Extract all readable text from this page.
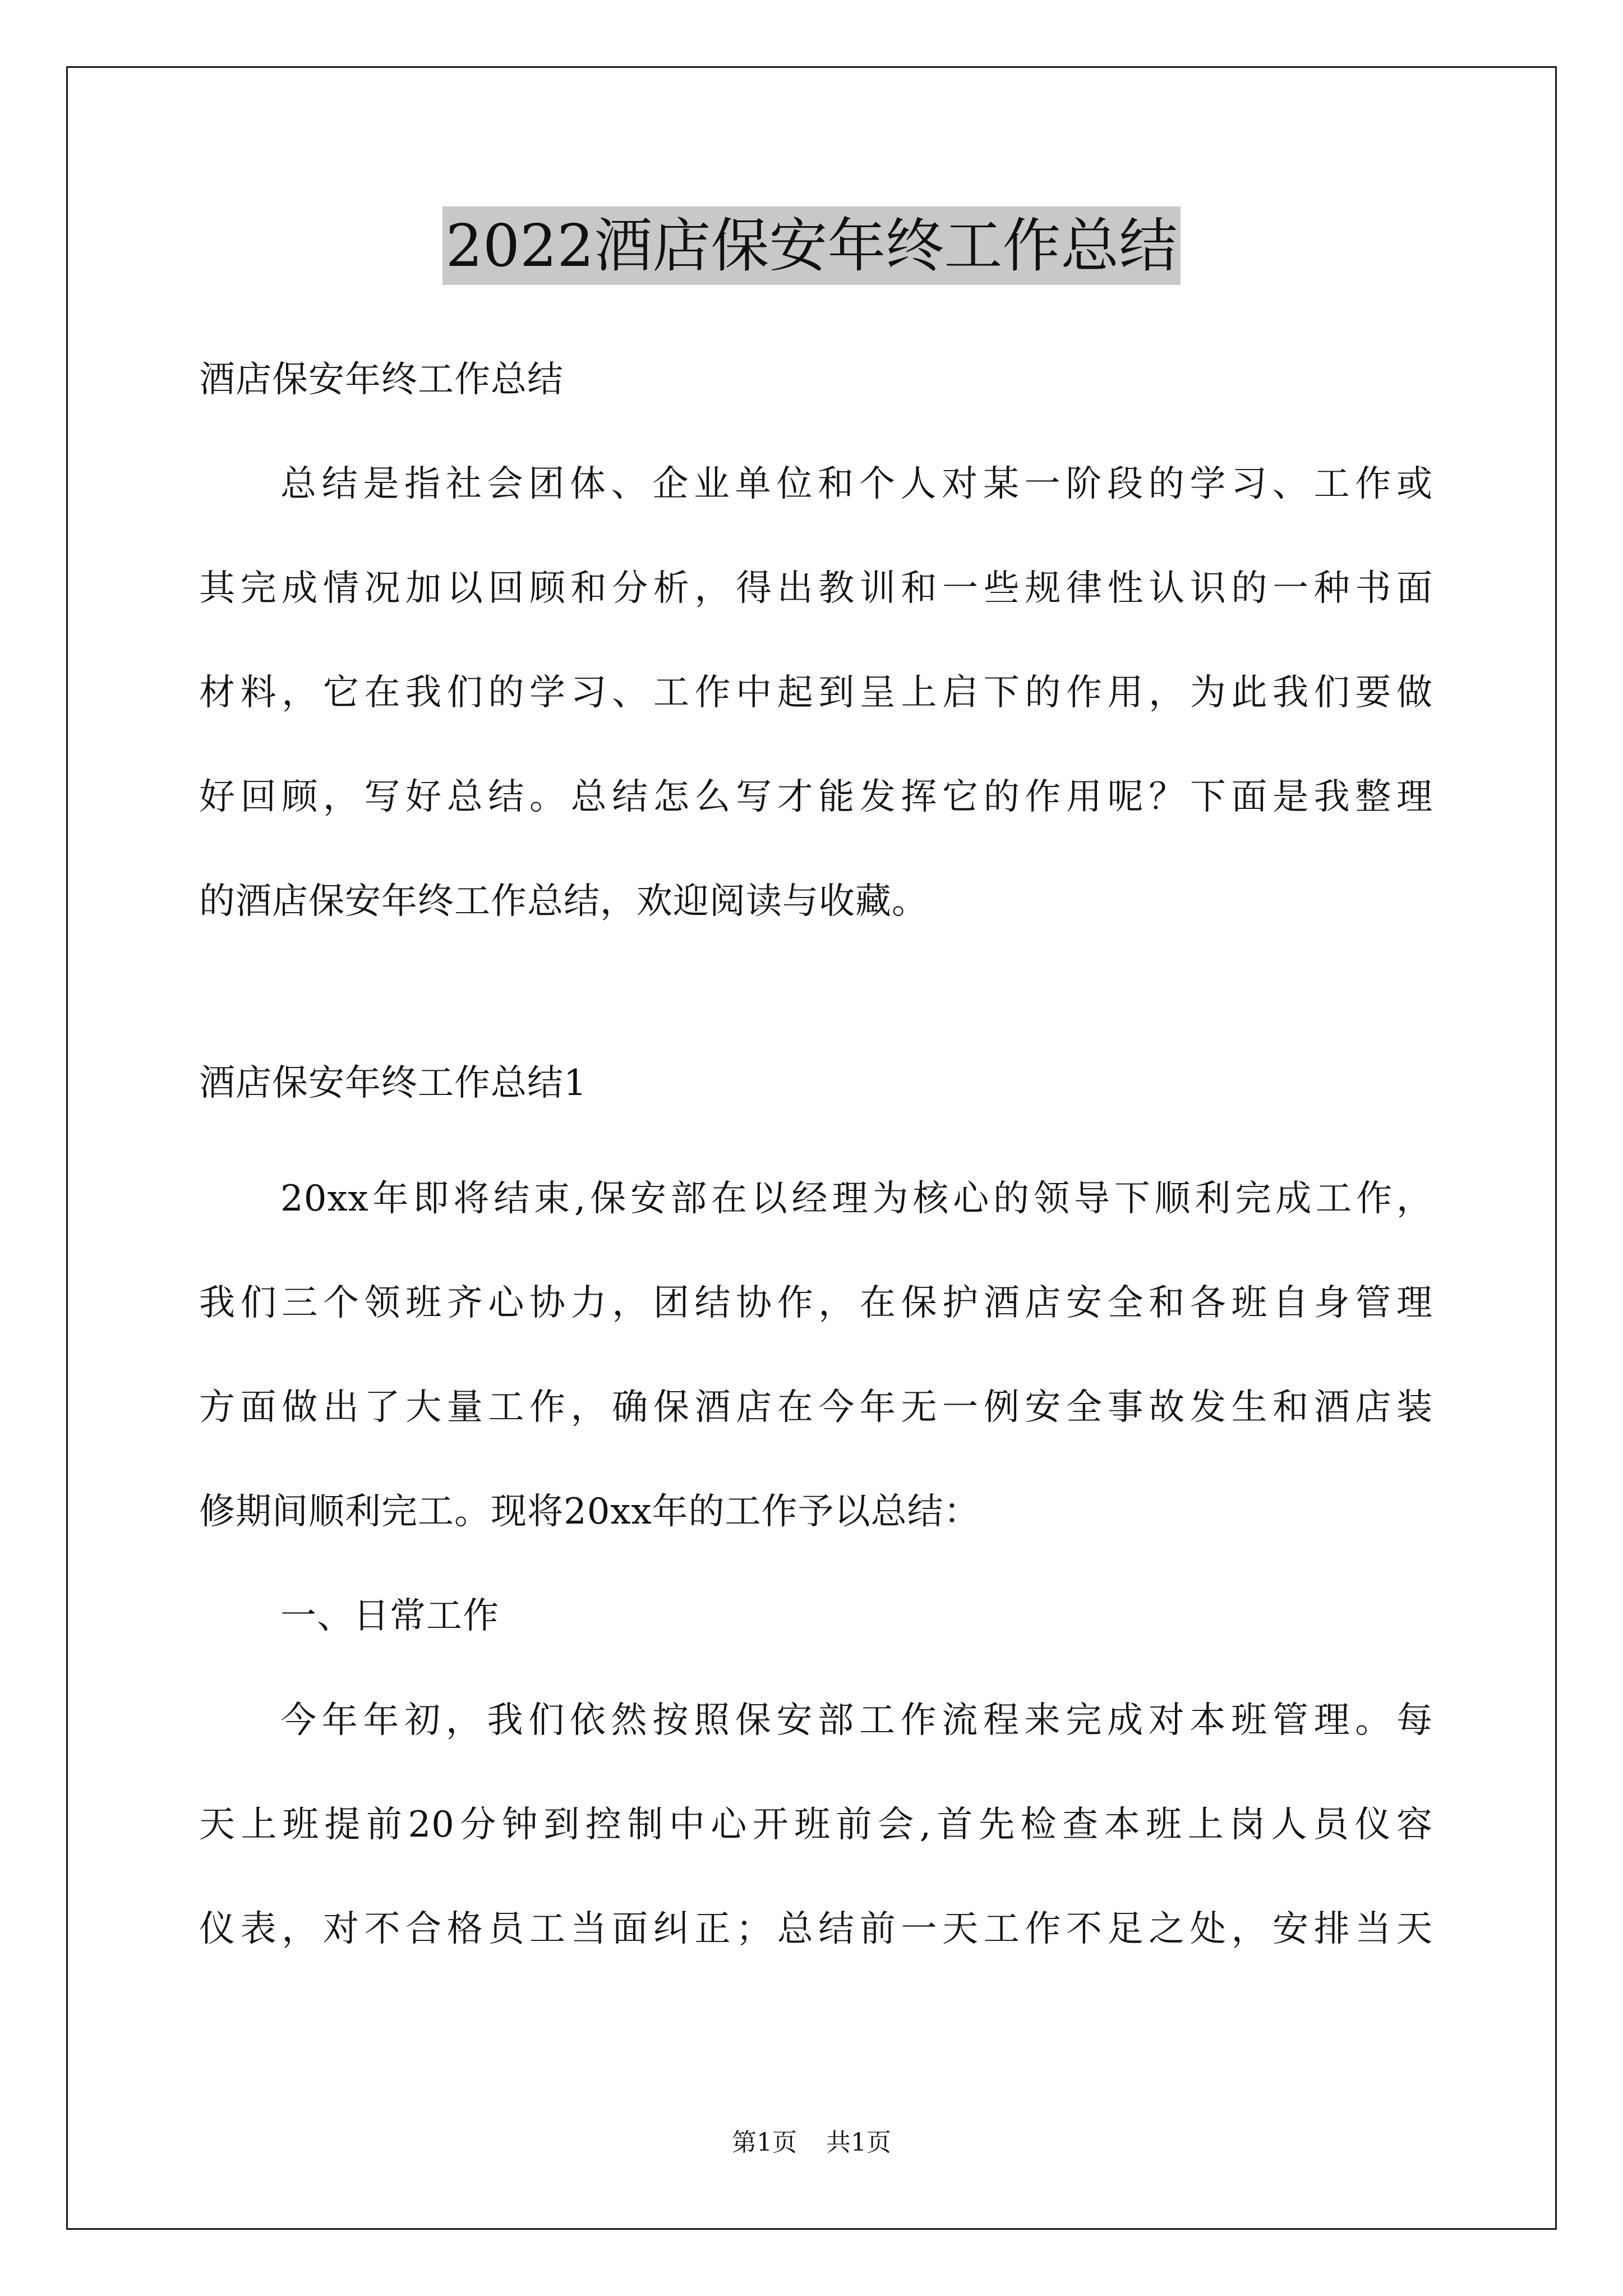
2022酒店保安年终工作总结
酒店保安年终工作总结
总结是指社会团体、企业单位和个人对某一阶段的学习、工作或
其完成情况加以回顾和分析，得出教训和一些规律性认识的一种书面
材料，它在我们的学习、工作中起到呈上启下的作用，为此我们要做
好回顾，写好总结。总结怎么写才能发挥它的作用呢？下面是我整理
的酒店保安年终工作总结，欢迎阅读与收藏。
酒店保安年终工作总结1
20xx年即将结束,保安部在以经理为核心的领导下顺利完成工作，
我们三个领班齐心协力，团结协作，在保护酒店安全和各班自身管理
方面做出了大量工作，确保酒店在今年无一例安全事故发生和酒店装
修期间顺利完工。现将20xx年的工作予以总结：
一、日常工作
今年年初，我们依然按照保安部工作流程来完成对本班管理。每
天上班提前20分钟到控制中心开班前会,首先检查本班上岗人员仪容
仪表，对不合格员工当面纠正；总结前一天工作不足之处，安排当天
第1页 共1页
